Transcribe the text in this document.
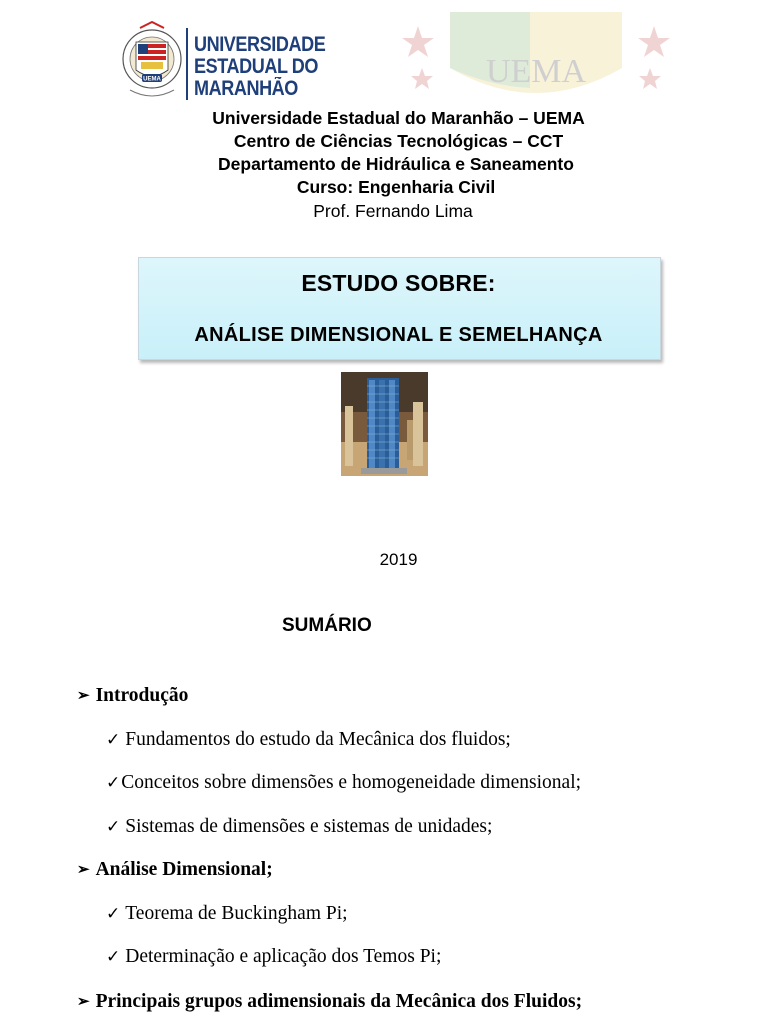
UEMA
UNIVERSIDADE
ESTADUAL DO
MARANHÃO	UEMA
Universidade Estadual do Maranhão – UEMA
Centro de Ciências Tecnológicas – CCT
Departamento de Hidráulica e Saneamento
Curso: Engenharia Civil
Prof. Fernando Lima
ESTUDO SOBRE:
ANÁLISE DIMENSIONAL E SEMELHANÇA
2019
SUMÁRIO
➢ Introdução
✓ Fundamentos do estudo da Mecânica dos fluidos;
✓Conceitos sobre dimensões e homogeneidade dimensional;
✓ Sistemas de dimensões e sistemas de unidades;
➢ Análise Dimensional;
✓ Teorema de Buckingham Pi;
✓ Determinação e aplicação dos Temos Pi;
➢ Principais grupos adimensionais da Mecânica dos Fluidos;
